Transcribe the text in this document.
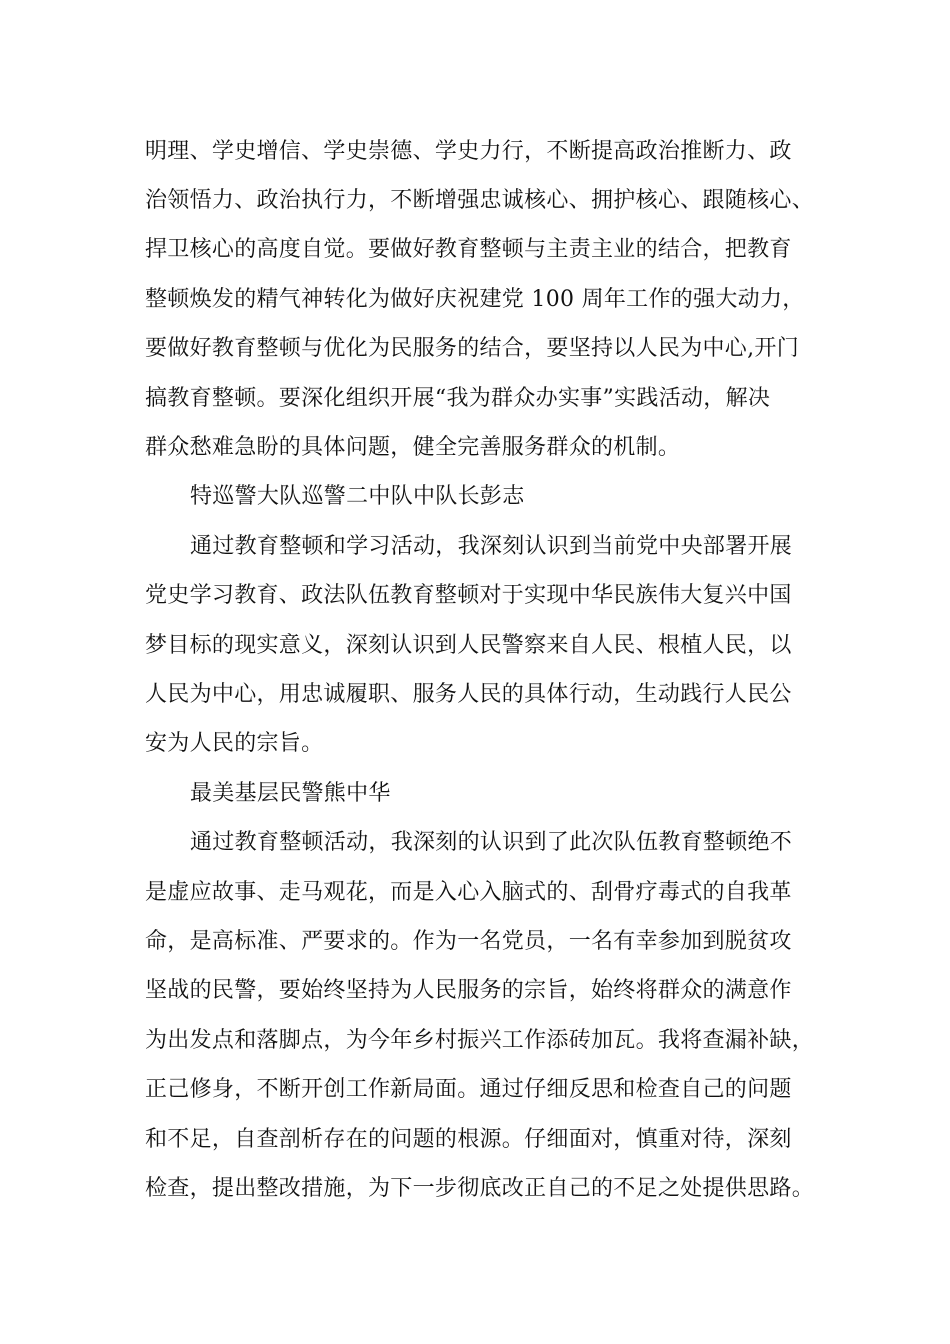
明理、学史增信、学史崇德、学史力行，不断提高政治推断力、政
治领悟力、政治执行力，不断增强忠诚核心、拥护核心、跟随核心、
捍卫核心的高度自觉。要做好教育整顿与主责主业的结合，把教育
整顿焕发的精气神转化为做好庆祝建党 100 周年工作的强大动力，
要做好教育整顿与优化为民服务的结合，要坚持以人民为中心,开门
搞教育整顿。要深化组织开展“我为群众办实事”实践活动，解决
群众愁难急盼的具体问题，健全完善服务群众的机制。
特巡警大队巡警二中队中队长彭志
通过教育整顿和学习活动，我深刻认识到当前党中央部署开展
党史学习教育、政法队伍教育整顿对于实现中华民族伟大复兴中国
梦目标的现实意义，深刻认识到人民警察来自人民、根植人民，以
人民为中心，用忠诚履职、服务人民的具体行动，生动践行人民公
安为人民的宗旨。
最美基层民警熊中华
通过教育整顿活动，我深刻的认识到了此次队伍教育整顿绝不
是虚应故事、走马观花，而是入心入脑式的、刮骨疗毒式的自我革
命，是高标准、严要求的。作为一名党员，一名有幸参加到脱贫攻
坚战的民警，要始终坚持为人民服务的宗旨，始终将群众的满意作
为出发点和落脚点，为今年乡村振兴工作添砖加瓦。我将查漏补缺，
正己修身，不断开创工作新局面。通过仔细反思和检查自己的问题
和不足，自查剖析存在的问题的根源。仔细面对，慎重对待，深刻
检查，提出整改措施，为下一步彻底改正自己的不足之处提供思路。
